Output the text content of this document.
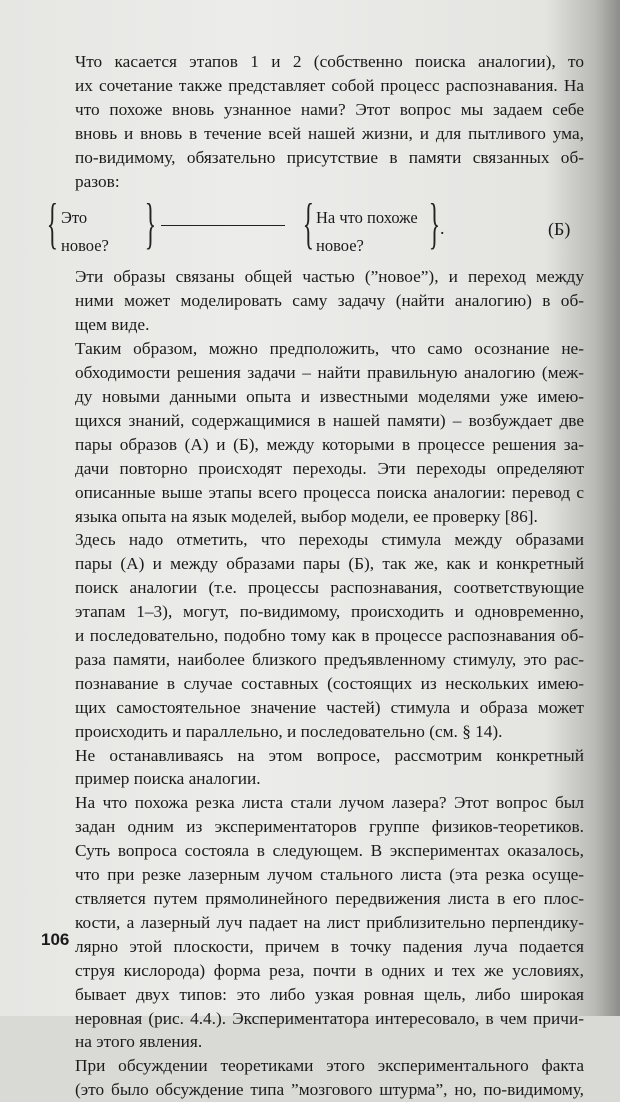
Что касается этапов 1 и 2 (собственно поиска аналогии), то
их сочетание также представляет собой процесс распознавания. На
что похоже вновь узнанное нами? Этот вопрос мы задаем себе
вновь и вновь в течение всей нашей жизни, и для пытливого ума,
по-видимому, обязательно присутствие в памяти связанных об-
разов:

{ Это
новое? }	{ На что похоже
новое? } .	(Б)

Эти образы связаны общей частью (”новое”), и переход между
ними может моделировать саму задачу (найти аналогию) в об-
щем виде.

Таким образом, можно предположить, что само осознание не-
обходимости решения задачи – найти правильную аналогию (меж-
ду новыми данными опыта и известными моделями уже имею-
щихся знаний, содержащимися в нашей памяти) – возбуждает две
пары образов (А) и (Б), между которыми в процессе решения за-
дачи повторно происходят переходы. Эти переходы определяют
описанные выше этапы всего процесса поиска аналогии: перевод с
языка опыта на язык моделей, выбор модели, ее проверку [86].

Здесь надо отметить, что переходы стимула между образами
пары (А) и между образами пары (Б), так же, как и конкретный
поиск аналогии (т.е. процессы распознавания, соответствующие
этапам 1–3), могут, по-видимому, происходить и одновременно,
и последовательно, подобно тому как в процессе распознавания об-
раза памяти, наиболее близкого предъявленному стимулу, это рас-
познавание в случае составных (состоящих из нескольких имею-
щих самостоятельное значение частей) стимула и образа может
происходить и параллельно, и последовательно (см. § 14).

Не останавливаясь на этом вопросе, рассмотрим конкретный
пример поиска аналогии.

На что похожа резка листа стали лучом лазера? Этот вопрос был
задан одним из экспериментаторов группе физиков-теоретиков.
Суть вопроса состояла в следующем. В экспериментах оказалось,
что при резке лазерным лучом стального листа (эта резка осуще-
ствляется путем прямолинейного передвижения листа в его плос-
кости, а лазерный луч падает на лист приблизительно перпендику-
лярно этой плоскости, причем в точку падения луча подается
струя кислорода) форма реза, почти в одних и тех же условиях,
бывает двух типов: это либо узкая ровная щель, либо широкая
неровная (рис. 4.4.). Экспериментатора интересовало, в чем причи-
на этого явления.

При обсуждении теоретиками этого экспериментального факта
(это было обсуждение типа ”мозгового штурма”, но, по-видимому,

106
